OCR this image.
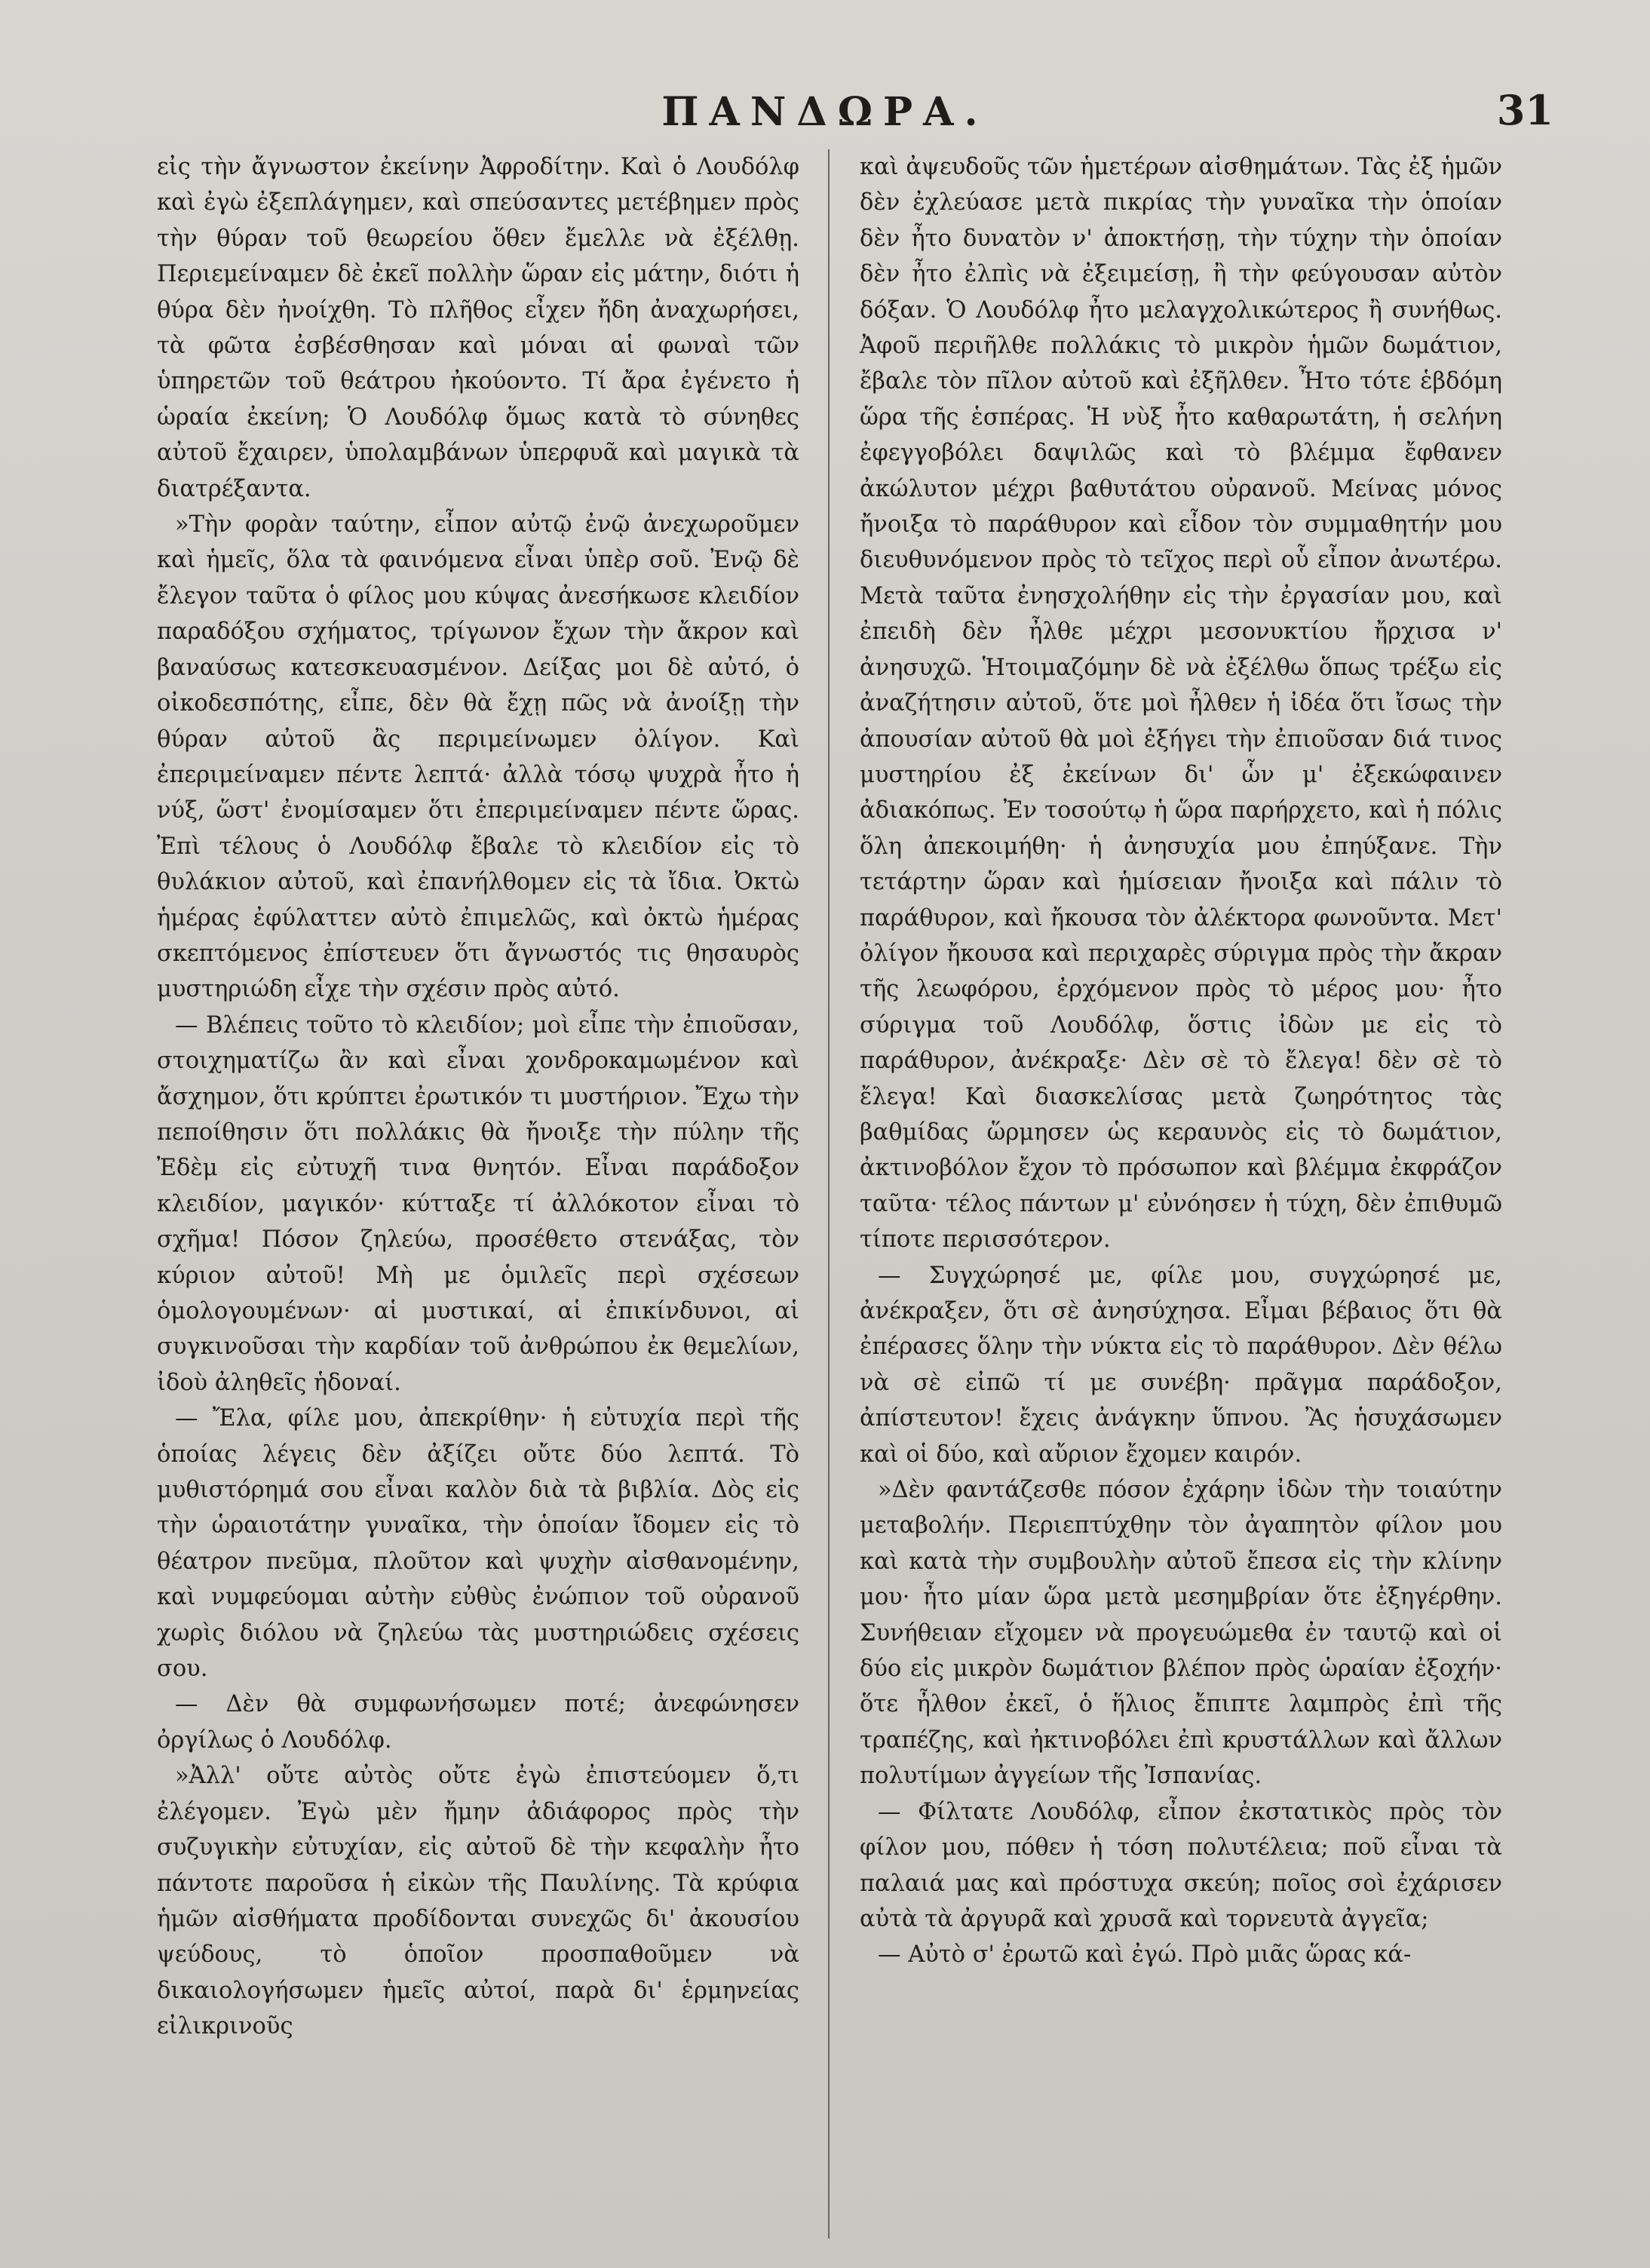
ΠΑΝΔΩΡΑ.	31

εἰς τὴν ἄγνωστον ἐκείνην Ἀφροδίτην. Καὶ ὁ Λουδόλφ καὶ ἐγὼ ἐξεπλάγημεν, καὶ σπεύσαντες μετέβημεν πρὸς τὴν θύραν τοῦ θεωρείου ὅθεν ἔμελλε νὰ ἐξέλθῃ. Περιεμείναμεν δὲ ἐκεῖ πολλὴν ὥραν εἰς μάτην, διότι ἡ θύρα δὲν ἠνοίχθη. Τὸ πλῆθος εἶχεν ἤδη ἀναχωρήσει, τὰ φῶτα ἐσβέσθησαν καὶ μόναι αἱ φωναὶ τῶν ὑπηρετῶν τοῦ θεάτρου ἠκούοντο. Τί ἄρα ἐγένετο ἡ ὡραία ἐκείνη; Ὁ Λουδόλφ ὅμως κατὰ τὸ σύνηθες αὐτοῦ ἔχαιρεν, ὑπολαμβάνων ὑπερφυᾶ καὶ μαγικὰ τὰ διατρέξαντα.

»Τὴν φορὰν ταύτην, εἶπον αὐτῷ ἐνῷ ἀνεχωροῦμεν καὶ ἡμεῖς, ὅλα τὰ φαινόμενα εἶναι ὑπὲρ σοῦ. Ἐνῷ δὲ ἔλεγον ταῦτα ὁ φίλος μου κύψας ἀνεσήκωσε κλειδίον παραδόξου σχήματος, τρίγωνον ἔχων τὴν ἄκρον καὶ βαναύσως κατεσκευασμένον. Δείξας μοι δὲ αὐτό, ὁ οἰκοδεσπότης, εἶπε, δὲν θὰ ἔχῃ πῶς νὰ ἀνοίξῃ τὴν θύραν αὐτοῦ ἂς περιμείνωμεν ὀλίγον. Καὶ ἐπεριμείναμεν πέντε λεπτά· ἀλλὰ τόσῳ ψυχρὰ ἦτο ἡ νύξ, ὥστ' ἐνομίσαμεν ὅτι ἐπεριμείναμεν πέντε ὥρας. Ἐπὶ τέλους ὁ Λουδόλφ ἔβαλε τὸ κλειδίον εἰς τὸ θυλάκιον αὐτοῦ, καὶ ἐπανήλθομεν εἰς τὰ ἴδια. Ὀκτὼ ἡμέρας ἐφύλαττεν αὐτὸ ἐπιμελῶς, καὶ ὀκτὼ ἡμέρας σκεπτόμενος ἐπίστευεν ὅτι ἄγνωστός τις θησαυρὸς μυστηριώδη εἶχε τὴν σχέσιν πρὸς αὐτό.

— Βλέπεις τοῦτο τὸ κλειδίον; μοὶ εἶπε τὴν ἐπιοῦσαν, στοιχηματίζω ἂν καὶ εἶναι χονδροκαμωμένον καὶ ἄσχημον, ὅτι κρύπτει ἐρωτικόν τι μυστήριον. Ἔχω τὴν πεποίθησιν ὅτι πολλάκις θὰ ἤνοιξε τὴν πύλην τῆς Ἐδὲμ εἰς εὐτυχῆ τινα θνητόν. Εἶναι παράδοξον κλειδίον, μαγικόν· κύτταξε τί ἀλλόκοτον εἶναι τὸ σχῆμα! Πόσον ζηλεύω, προσέθετο στενάξας, τὸν κύριον αὐτοῦ! Μὴ με ὁμιλεῖς περὶ σχέσεων ὁμολογουμένων· αἱ μυστικαί, αἱ ἐπικίνδυνοι, αἱ συγκινοῦσαι τὴν καρδίαν τοῦ ἀνθρώπου ἐκ θεμελίων, ἰδοὺ ἀληθεῖς ἡδοναί.

— Ἔλα, φίλε μου, ἀπεκρίθην· ἡ εὐτυχία περὶ τῆς ὁποίας λέγεις δὲν ἀξίζει οὔτε δύο λεπτά. Τὸ μυθιστόρημά σου εἶναι καλὸν διὰ τὰ βιβλία. Δὸς εἰς τὴν ὡραιοτάτην γυναῖκα, τὴν ὁποίαν ἴδομεν εἰς τὸ θέατρον πνεῦμα, πλοῦτον καὶ ψυχὴν αἰσθανομένην, καὶ νυμφεύομαι αὐτὴν εὐθὺς ἐνώπιον τοῦ οὐρανοῦ χωρὶς διόλου νὰ ζηλεύω τὰς μυστηριώδεις σχέσεις σου.

— Δὲν θὰ συμφωνήσωμεν ποτέ; ἀνεφώνησεν ὀργίλως ὁ Λουδόλφ.

»Ἀλλ' οὔτε αὐτὸς οὔτε ἐγὼ ἐπιστεύομεν ὅ,τι ἐλέγομεν. Ἐγὼ μὲν ἤμην ἀδιάφορος πρὸς τὴν συζυγικὴν εὐτυχίαν, εἰς αὐτοῦ δὲ τὴν κεφαλὴν ἦτο πάντοτε παροῦσα ἡ εἰκὼν τῆς Παυλίνης. Τὰ κρύφια ἡμῶν αἰσθήματα προδίδονται συνεχῶς δι' ἀκουσίου ψεύδους, τὸ ὁποῖον προσπαθοῦμεν νὰ δικαιολογήσωμεν ἡμεῖς αὐτοί, παρὰ δι' ἑρμηνείας εἰλικρινοῦς

καὶ ἀψευδοῦς τῶν ἡμετέρων αἰσθημάτων. Τὰς ἐξ ἡμῶν δὲν ἐχλεύασε μετὰ πικρίας τὴν γυναῖκα τὴν ὁποίαν δὲν ἦτο δυνατὸν ν' ἀποκτήσῃ, τὴν τύχην τὴν ὁποίαν δὲν ἦτο ἐλπὶς νὰ ἐξειμείσῃ, ἢ τὴν φεύγουσαν αὐτὸν δόξαν. Ὁ Λουδόλφ ἦτο μελαγχολικώτερος ἢ συνήθως. Ἀφοῦ περιῆλθε πολλάκις τὸ μικρὸν ἡμῶν δωμάτιον, ἔβαλε τὸν πῖλον αὐτοῦ καὶ ἐξῆλθεν. Ἦτο τότε ἑβδόμη ὥρα τῆς ἑσπέρας. Ἡ νὺξ ἦτο καθαρωτάτη, ἡ σελήνη ἐφεγγοβόλει δαψιλῶς καὶ τὸ βλέμμα ἔφθανεν ἀκώλυτον μέχρι βαθυτάτου οὐρανοῦ. Μείνας μόνος ἤνοιξα τὸ παράθυρον καὶ εἶδον τὸν συμμαθητήν μου διευθυνόμενον πρὸς τὸ τεῖχος περὶ οὗ εἶπον ἀνωτέρω. Μετὰ ταῦτα ἐνησχολήθην εἰς τὴν ἐργασίαν μου, καὶ ἐπειδὴ δὲν ἦλθε μέχρι μεσονυκτίου ἤρχισα ν' ἀνησυχῶ. Ἡτοιμαζόμην δὲ νὰ ἐξέλθω ὅπως τρέξω εἰς ἀναζήτησιν αὐτοῦ, ὅτε μοὶ ἦλθεν ἡ ἰδέα ὅτι ἴσως τὴν ἀπουσίαν αὐτοῦ θὰ μοὶ ἐξήγει τὴν ἐπιοῦσαν διά τινος μυστηρίου ἐξ ἐκείνων δι' ὧν μ' ἐξεκώφαινεν ἀδιακόπως. Ἐν τοσούτῳ ἡ ὥρα παρήρχετο, καὶ ἡ πόλις ὅλη ἀπεκοιμήθη· ἡ ἀνησυχία μου ἐπηύξανε. Τὴν τετάρτην ὥραν καὶ ἡμίσειαν ἤνοιξα καὶ πάλιν τὸ παράθυρον, καὶ ἤκουσα τὸν ἀλέκτορα φωνοῦντα. Μετ' ὀλίγον ἤκουσα καὶ περιχαρὲς σύριγμα πρὸς τὴν ἄκραν τῆς λεωφόρου, ἐρχόμενον πρὸς τὸ μέρος μου· ἦτο σύριγμα τοῦ Λουδόλφ, ὅστις ἰδὼν με εἰς τὸ παράθυρον, ἀνέκραξε· Δὲν σὲ τὸ ἔλεγα! δὲν σὲ τὸ ἔλεγα! Καὶ διασκελίσας μετὰ ζωηρότητος τὰς βαθμίδας ὥρμησεν ὡς κεραυνὸς εἰς τὸ δωμάτιον, ἀκτινοβόλον ἔχον τὸ πρόσωπον καὶ βλέμμα ἐκφράζον ταῦτα· τέλος πάντων μ' εὐνόησεν ἡ τύχη, δὲν ἐπιθυμῶ τίποτε περισσότερον.

— Συγχώρησέ με, φίλε μου, συγχώρησέ με, ἀνέκραξεν, ὅτι σὲ ἀνησύχησα. Εἶμαι βέβαιος ὅτι θὰ ἐπέρασες ὅλην τὴν νύκτα εἰς τὸ παράθυρον. Δὲν θέλω νὰ σὲ εἰπῶ τί με συνέβη· πρᾶγμα παράδοξον, ἀπίστευτον! ἔχεις ἀνάγκην ὕπνου. Ἂς ἡσυχάσωμεν καὶ οἱ δύο, καὶ αὔριον ἔχομεν καιρόν.

»Δὲν φαντάζεσθε πόσον ἐχάρην ἰδὼν τὴν τοιαύτην μεταβολήν. Περιεπτύχθην τὸν ἀγαπητὸν φίλον μου καὶ κατὰ τὴν συμβουλὴν αὐτοῦ ἔπεσα εἰς τὴν κλίνην μου· ἦτο μίαν ὥρα μετὰ μεσημβρίαν ὅτε ἐξηγέρθην. Συνήθειαν εἴχομεν νὰ προγευώμεθα ἐν ταυτῷ καὶ οἱ δύο εἰς μικρὸν δωμάτιον βλέπον πρὸς ὡραίαν ἐξοχήν· ὅτε ἦλθον ἐκεῖ, ὁ ἥλιος ἔπιπτε λαμπρὸς ἐπὶ τῆς τραπέζης, καὶ ἠκτινοβόλει ἐπὶ κρυστάλλων καὶ ἄλλων πολυτίμων ἀγγείων τῆς Ἰσπανίας.

— Φίλτατε Λουδόλφ, εἶπον ἐκστατικὸς πρὸς τὸν φίλον μου, πόθεν ἡ τόση πολυτέλεια; ποῦ εἶναι τὰ παλαιά μας καὶ πρόστυχα σκεύη; ποῖος σοὶ ἐχάρισεν αὐτὰ τὰ ἀργυρᾶ καὶ χρυσᾶ καὶ τορνευτὰ ἀγγεῖα;

— Αὐτὸ σ' ἐρωτῶ καὶ ἐγώ. Πρὸ μιᾶς ὥρας κά-
